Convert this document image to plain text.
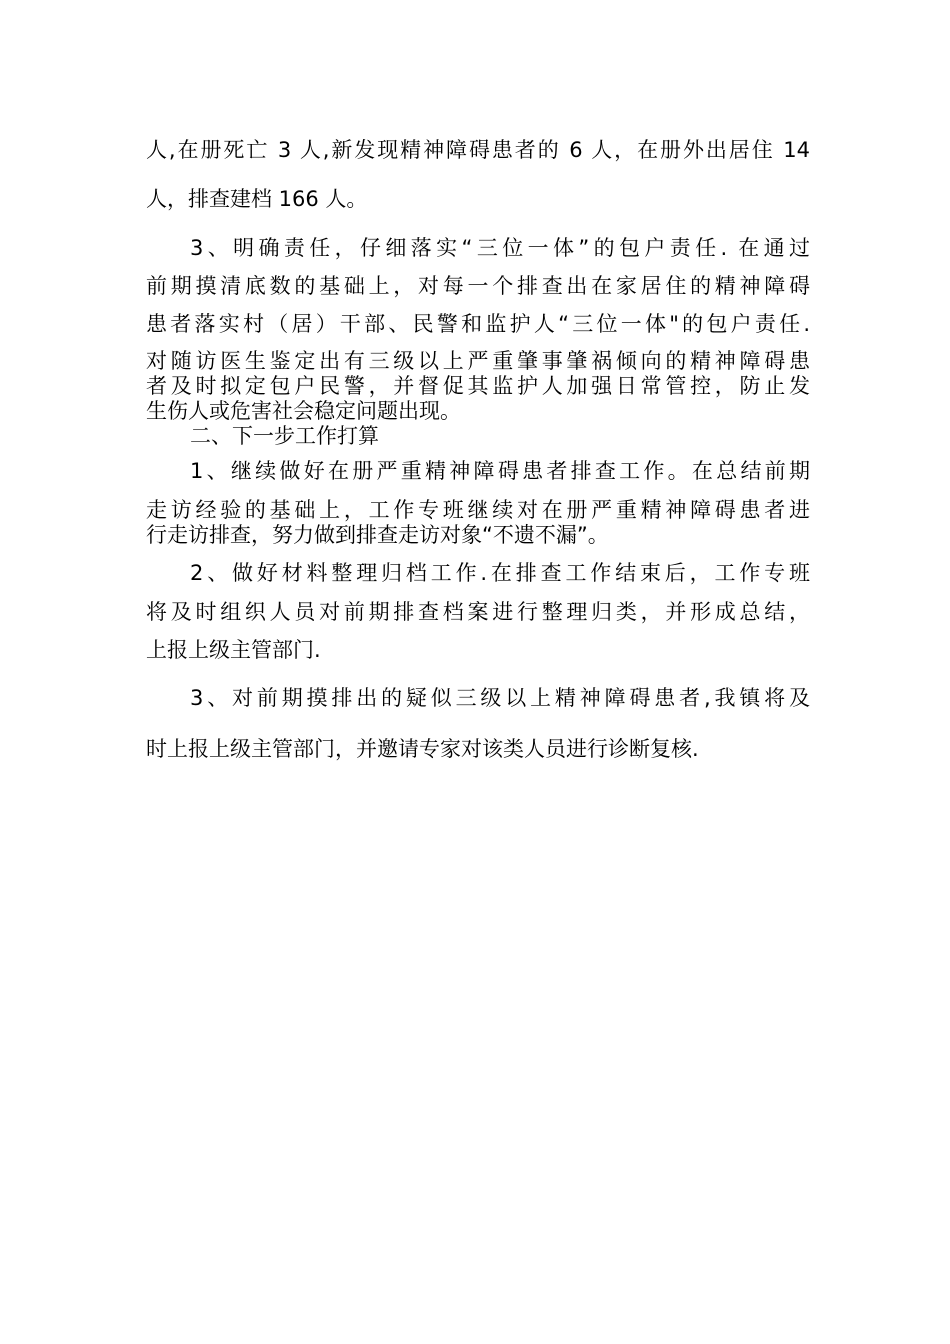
人,在册死亡 3 人,新发现精神障碍患者的 6 人，在册外出居住 14
人，排查建档 166 人。
3、明确责任，仔细落实“三位一体”的包户责任. 在通过
前期摸清底数的基础上，对每一个排查出在家居住的精神障碍
患者落实村（居）干部、民警和监护人“三位一体"的包户责任.
对随访医生鉴定出有三级以上严重肇事肇祸倾向的精神障碍患
者及时拟定包户民警，并督促其监护人加强日常管控，防止发
生伤人或危害社会稳定问题出现。
二、下一步工作打算
1、继续做好在册严重精神障碍患者排查工作。在总结前期
走访经验的基础上，工作专班继续对在册严重精神障碍患者进
行走访排查，努力做到排查走访对象“不遗不漏”。
2、做好材料整理归档工作.在排查工作结束后，工作专班
将及时组织人员对前期排查档案进行整理归类，并形成总结，
上报上级主管部门.
3、对前期摸排出的疑似三级以上精神障碍患者,我镇将及
时上报上级主管部门，并邀请专家对该类人员进行诊断复核.
